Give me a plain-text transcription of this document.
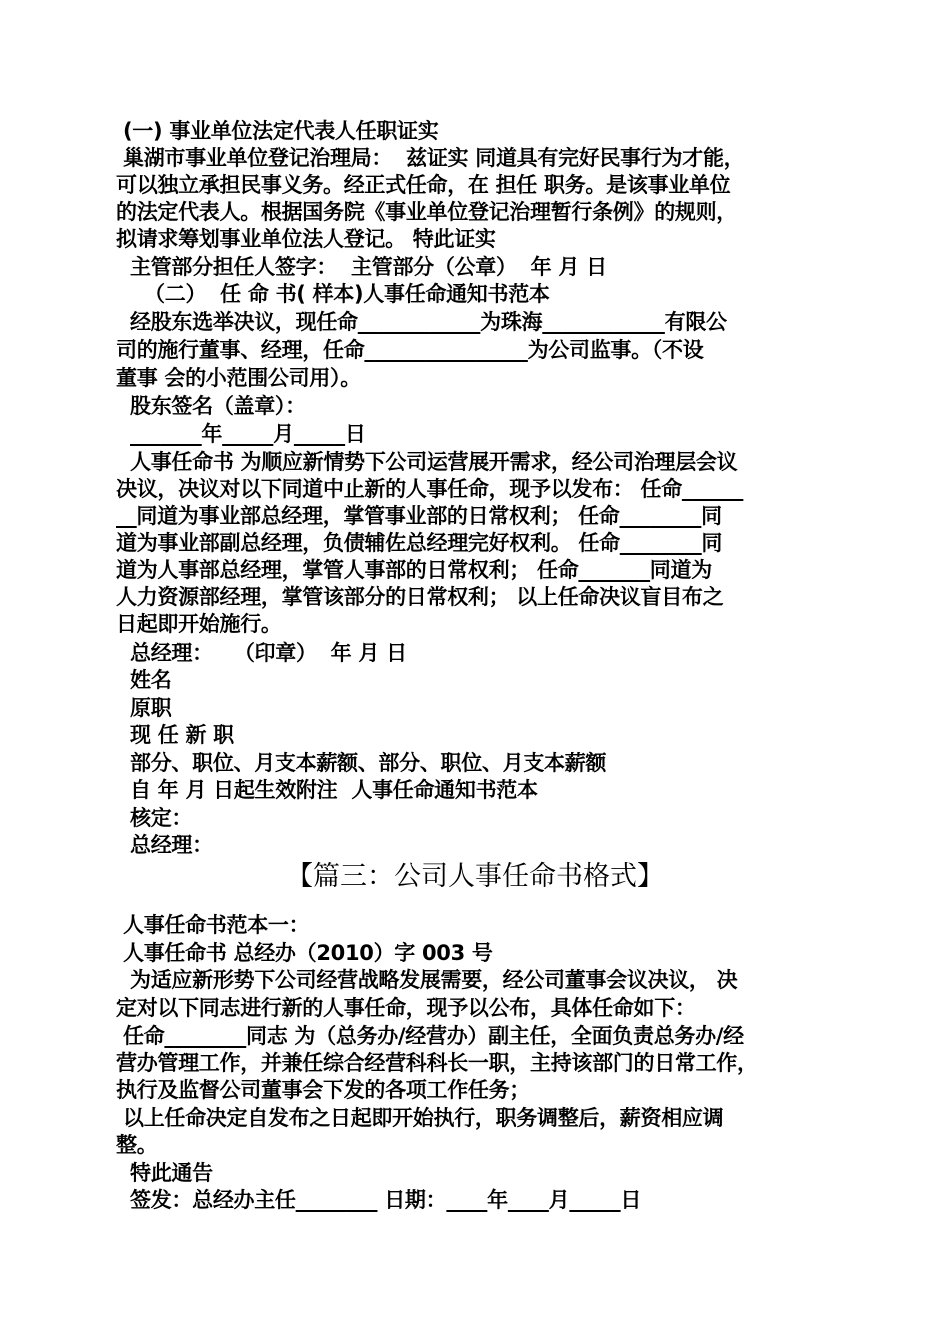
(一) 事业单位法定代表人任职证实
巢湖市事业单位登记治理局：  兹证实 同道具有完好民事行为才能，
可以独立承担民事义务。经正式任命，在 担任 职务。是该事业单位
的法定代表人。根据国务院《事业单位登记治理暂行条例》的规则，
拟请求筹划事业单位法人登记。 特此证实
主管部分担任人签字：  主管部分（公章）  年 月 日
（二）  任 命 书( 样本)人事任命通知书范本
经股东选举决议，现任命____________为珠海____________有限公
司的施行董事、经理，任命________________为公司监事。（不设
董事 会的小范围公司用）。
股东签名（盖章）：
_______年_____月_____日
人事任命书 为顺应新情势下公司运营展开需求，经公司治理层会议
决议，决议对以下同道中止新的人事任命，现予以发布： 任命______
__同道为事业部总经理，掌管事业部的日常权利； 任命________同
道为事业部副总经理，负债辅佐总经理完好权利。 任命________同
道为人事部总经理，掌管人事部的日常权利； 任命_______同道为
人力资源部经理，掌管该部分的日常权利； 以上任命决议盲目布之
日起即开始施行。
总经理：   （印章）  年 月 日
姓名
原职
现 任 新 职
部分、职位、月支本薪额、部分、职位、月支本薪额
自 年 月 日起生效附注  人事任命通知书范本
核定：
总经理：
【篇三：公司人事任命书格式】
人事任命书范本一：
人事任命书 总经办（2010）字 003 号
为适应新形势下公司经营战略发展需要，经公司董事会议决议， 决
定对以下同志进行新的人事任命，现予以公布，具体任命如下：
任命________同志 为（总务办/经营办）副主任，全面负责总务办/经
营办管理工作，并兼任综合经营科科长一职，主持该部门的日常工作，
执行及监督公司董事会下发的各项工作任务；
以上任命决定自发布之日起即开始执行，职务调整后，薪资相应调
整。
特此通告
签发：总经办主任________ 日期：____年____月_____日
